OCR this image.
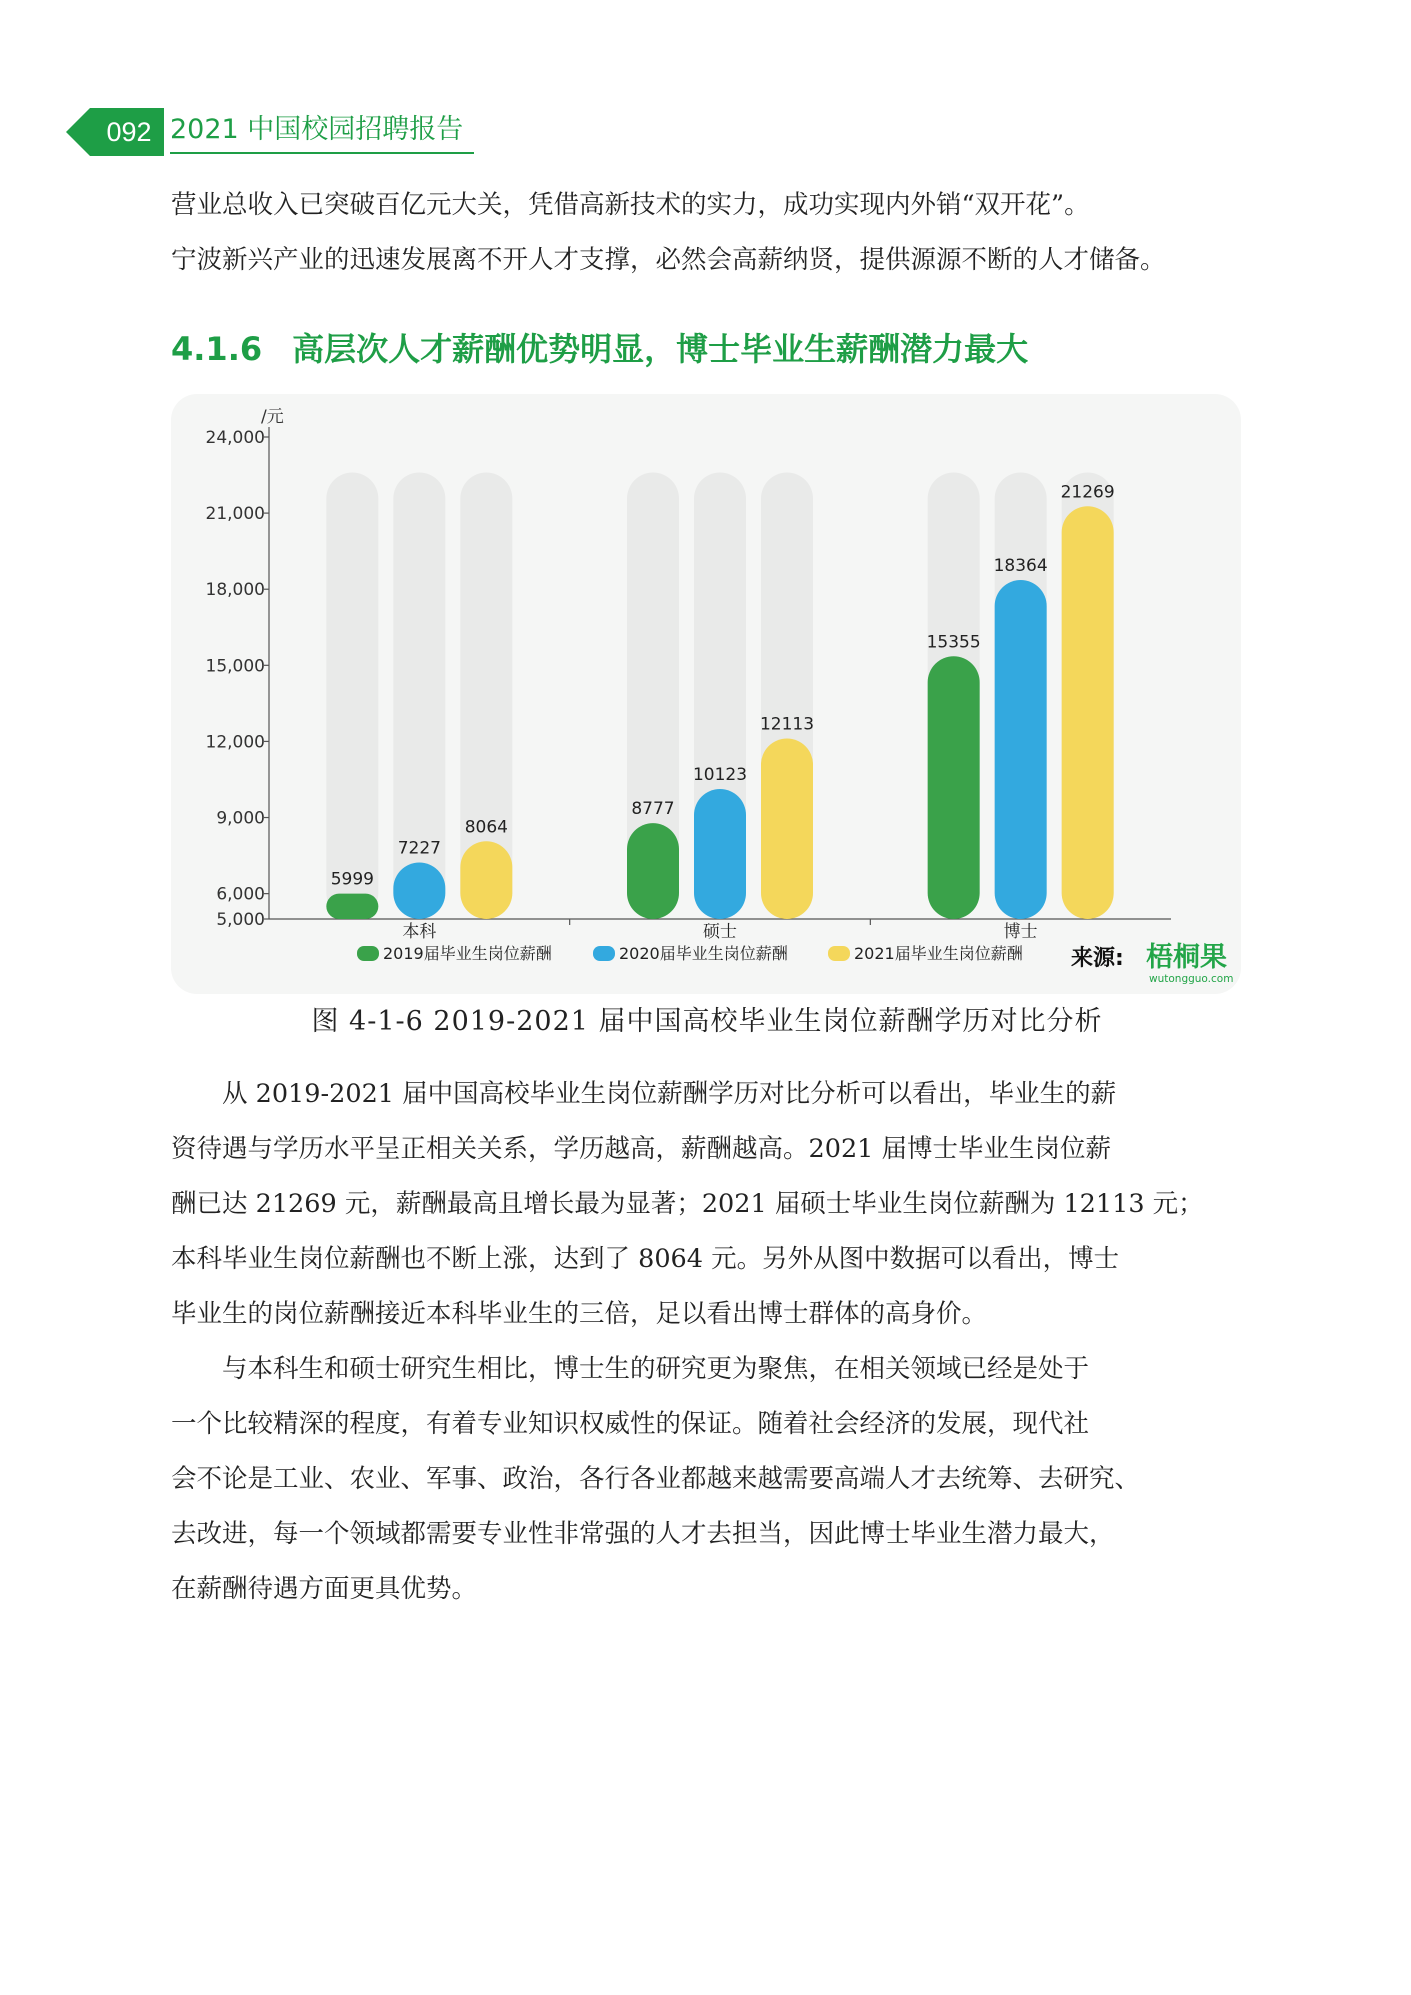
092 2021 中国校园招聘报告

营业总收入已突破百亿元大关，凭借高新技术的实力，成功实现内外销“双开花”。
宁波新兴产业的迅速发展离不开人才支撑，必然会高薪纳贤，提供源源不断的人才储备。

4.1.6 高层次人才薪酬优势明显，博士毕业生薪酬潜力最大
5,000
6,000
9,000
12,000
15,000
18,000
21,000
24,000
本科
5999
7227
8064
硕士
8777
10123
12113
博士
15355
18364
21269
2019届毕业生岗位薪酬	2020届毕业生岗位薪酬	2021届毕业生岗位薪酬
/元
来源: 梧桐果
wutongguo.com
图 4-1-6 2019-2021 届中国高校毕业生岗位薪酬学历对比分析

　　从 2019-2021 届中国高校毕业生岗位薪酬学历对比分析可以看出，毕业生的薪
资待遇与学历水平呈正相关关系，学历越高，薪酬越高。2021 届博士毕业生岗位薪
酬已达 21269 元，薪酬最高且增长最为显著；2021 届硕士毕业生岗位薪酬为 12113 元；
本科毕业生岗位薪酬也不断上涨，达到了 8064 元。另外从图中数据可以看出，博士
毕业生的岗位薪酬接近本科毕业生的三倍，足以看出博士群体的高身价。

　　与本科生和硕士研究生相比，博士生的研究更为聚焦，在相关领域已经是处于
一个比较精深的程度，有着专业知识权威性的保证。随着社会经济的发展，现代社
会不论是工业、农业、军事、政治，各行各业都越来越需要高端人才去统筹、去研究、
去改进，每一个领域都需要专业性非常强的人才去担当，因此博士毕业生潜力最大，
在薪酬待遇方面更具优势。
